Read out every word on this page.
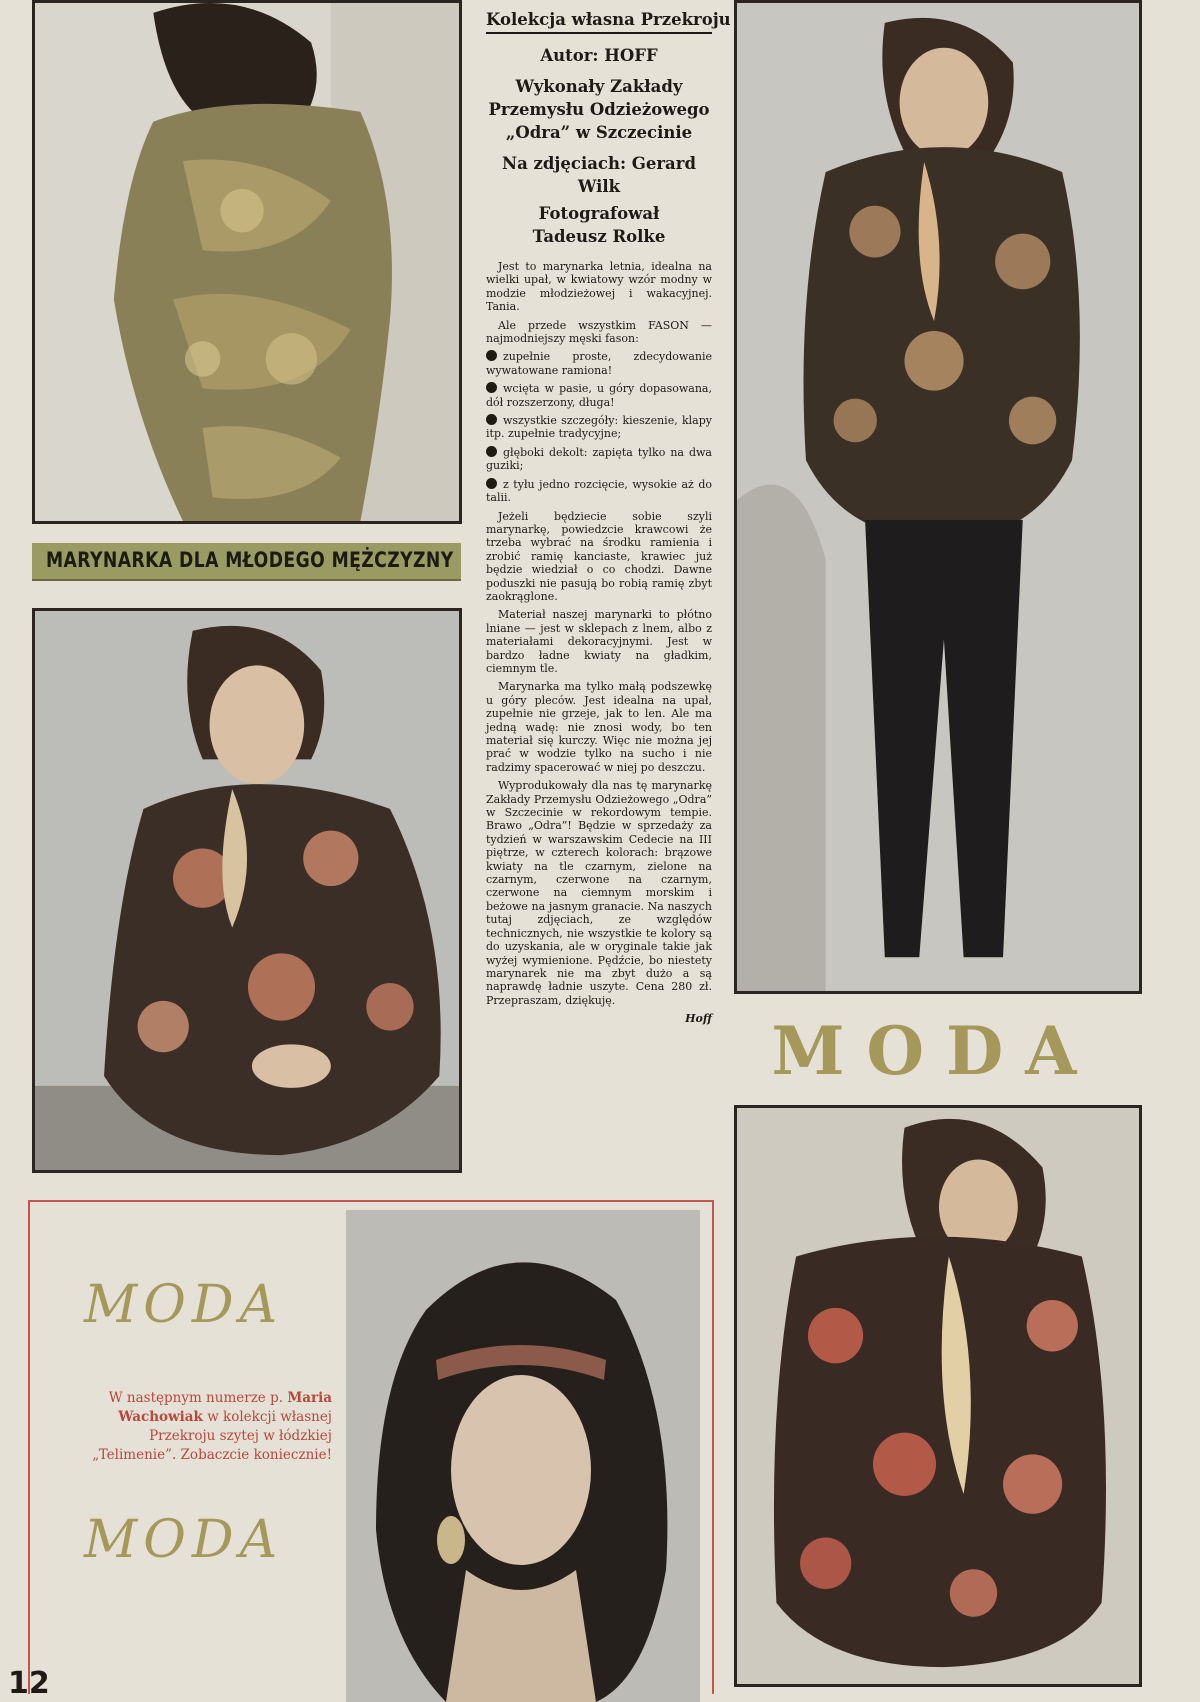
MARYNARKA DLA MŁODEGO MĘŻCZYZNY
Kolekcja własna Przekroju
Autor: HOFF
Wykonały Zakłady
Przemysłu Odzieżowego
„Odra” w Szczecinie
Na zdjęciach: Gerard Wilk
Fotografował
Tadeusz Rolke

Jest to marynarka letnia, idealna na wielki upał, w kwiatowy wzór modny w modzie młodzieżowej i wakacyjnej. Tania.

Ale przede wszystkim FASON — najmodniejszy męski fason:

zupełnie proste, zdecydowanie wywatowane ramiona!

wcięta w pasie, u góry dopasowana, dół rozszerzony, długa!

wszystkie szczegóły: kieszenie, klapy itp. zupełnie tradycyjne;

głęboki dekolt: zapięta tylko na dwa guziki;

z tyłu jedno rozcięcie, wysokie aż do talii.

Jeżeli będziecie sobie szyli marynarkę, powiedzcie krawcowi że trzeba wybrać na środku ramienia i zrobić ramię kanciaste, krawiec już będzie wiedział o co chodzi. Dawne poduszki nie pasują bo robią ramię zbyt zaokrąglone.

Materiał naszej marynarki to płótno lniane — jest w sklepach z lnem, albo z materiałami dekoracyjnymi. Jest w bardzo ładne kwiaty na gładkim, ciemnym tle.

Marynarka ma tylko małą podszewkę u góry pleców. Jest idealna na upał, zupełnie nie grzeje, jak to len. Ale ma jedną wadę: nie znosi wody, bo ten materiał się kurczy. Więc nie można jej prać w wodzie tylko na sucho i nie radzimy spacerować w niej po deszczu.

Wyprodukowały dla nas tę marynarkę Zakłady Przemysłu Odzieżowego „Odra” w Szczecinie w rekordowym tempie. Brawo „Odra”! Będzie w sprzedaży za tydzień w warszawskim Cedecie na III piętrze, w czterech kolorach: brązowe kwiaty na tle czarnym, zielone na czarnym, czerwone na czarnym, czerwone na ciemnym morskim i beżowe na jasnym granacie. Na naszych tutaj zdjęciach, ze względów technicznych, nie wszystkie te kolory są do uzyskania, ale w oryginale takie jak wyżej wymienione. Pędźcie, bo niestety marynarek nie ma zbyt dużo a są naprawdę ładnie uszyte. Cena 280 zł. Przepraszam, dziękuję.

Hoff MODA
MODA
W następnym numerze p. Maria Wachowiak w kolekcji własnej Przekroju szytej w łódzkiej „Telimenie”. Zobaczcie koniecznie!
MODA
12
